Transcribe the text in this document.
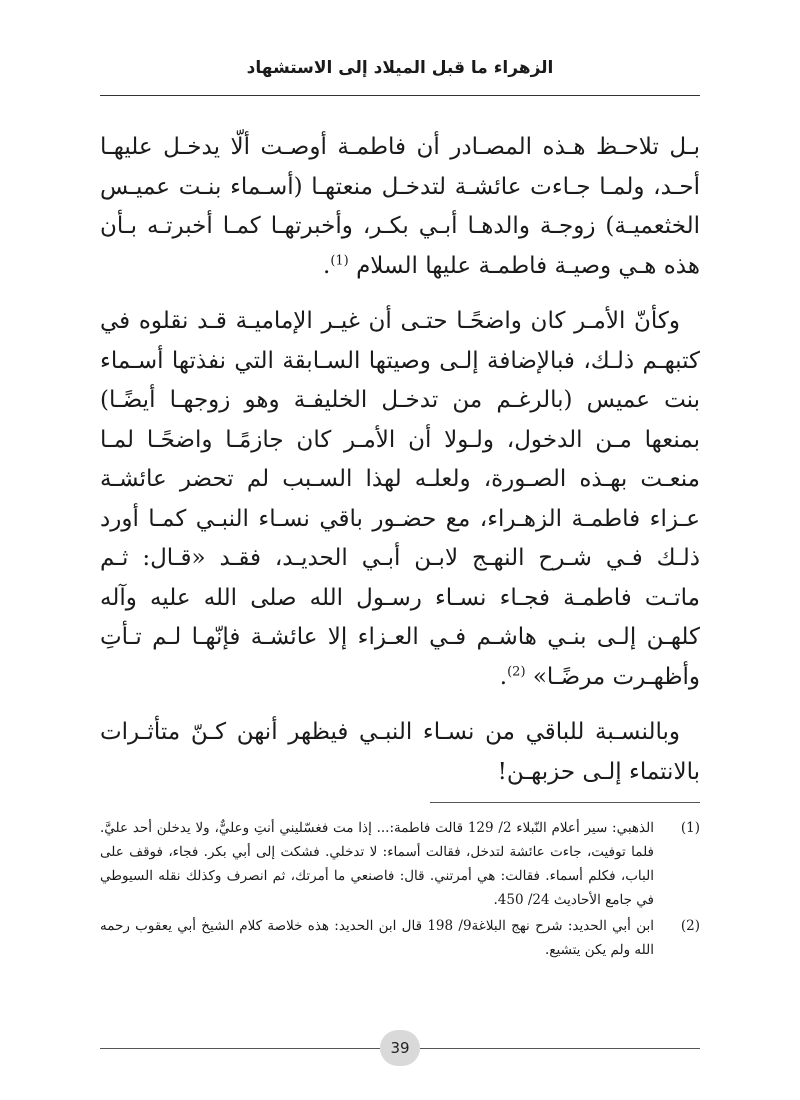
الزهراء ما قبل الميلاد إلى الاستشهاد

بـل تلاحـظ هـذه المصـادر أن فاطمـة أوصـت ألّا يدخـل عليهـا أحـد، ولمـا جـاءت عائشـة لتدخـل منعتهـا (أسـماء بنـت عميـس الخثعميـة) زوجـة والدهـا أبـي بكـر، وأخبرتهـا كمـا أخبرتـه بـأن هذه هـي وصيـة فاطمـة عليها السلام $^{(1)}$.

وكأنّ الأمـر كان واضحًـا حتـى أن غيـر الإماميـة قـد نقلوه في كتبهـم ذلـك، فبالإضافة إلـى وصيتها السـابقة التي نفذتها أسـماء بنت عميس (بالرغـم من تدخـل الخليفـة وهو زوجهـا أيضًـا) بمنعها مـن الدخول، ولـولا أن الأمـر كان جازمًـا واضحًـا لمـا منعـت بهـذه الصـورة، ولعلـه لهذا السـبب لم تحضر عائشـة عـزاء فاطمـة الزهـراء، مع حضـور باقي نسـاء النبـي كمـا أورد ذلـك فـي شـرح النهـج لابـن أبـي الحديـد، فقـد «قـال: ثـم ماتـت فاطمـة فجـاء نسـاء رسـول الله صلى الله عليه وآله كلهـن إلـى بنـي هاشـم فـي العـزاء إلا عائشـة فإنّهـا لـم تـأتِ وأظهـرت مرضًـا» $^{(2)}$.

وبالنسـبة للباقي من نسـاء النبـي فيظهر أنهن كـنّ متأثـرات بالانتماء إلـى حزبهـن!

(1)
الذهبي: سير أعلام النّبلاء 2/ 129 قالت فاطمة:... إذا مت فغسّليني أنتِ وعليٌّ، ولا يدخلن أحد عليَّ. فلما توفيت، جاءت عائشة لتدخل، فقالت أسماء: لا تدخلي. فشكت إلى أبي بكر. فجاء، فوقف على الباب، فكلم أسماء. فقالت: هي أمرتني. قال: فاصنعي ما أمرتك، ثم انصرف وكذلك نقله السيوطي في جامع الأحاديث 24/ 450.
(2)
ابن أبي الحديد: شرح نهج البلاغة9/ 198 قال ابن الحديد: هذه خلاصة كلام الشيخ أبي يعقوب رحمه الله ولم يكن يتشيع.
39
